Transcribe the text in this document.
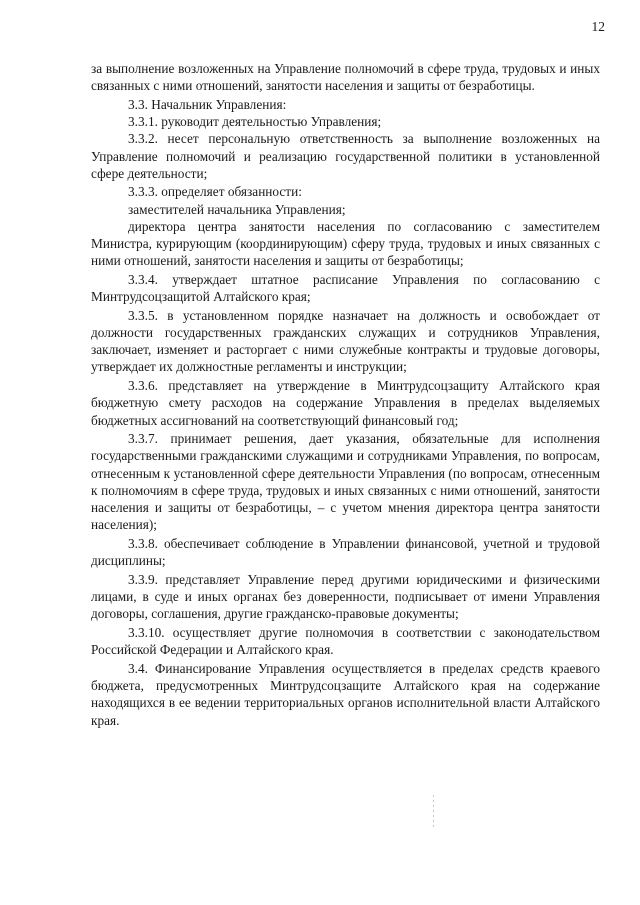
12

за выполнение возложенных на Управление полномочий в сфере труда, трудовых и иных связанных с ними отношений, занятости населения и защиты от безработицы.

3.3. Начальник Управления:

3.3.1. руководит деятельностью Управления;

3.3.2. несет персональную ответственность за выполнение возложенных на Управление полномочий и реализацию государственной политики в установленной сфере деятельности;

3.3.3. определяет обязанности:

заместителей начальника Управления;

директора центра занятости населения по согласованию с заместителем Министра, курирующим (координирующим) сферу труда, трудовых и иных связанных с ними отношений, занятости населения и защиты от безработицы;

3.3.4. утверждает штатное расписание Управления по согласованию с Минтрудсоцзащитой Алтайского края;

3.3.5. в установленном порядке назначает на должность и освобождает от должности государственных гражданских служащих и сотрудников Управления, заключает, изменяет и расторгает с ними служебные контракты и трудовые договоры, утверждает их должностные регламенты и инструкции;

3.3.6. представляет на утверждение в Минтрудсоцзащиту Алтайского края бюджетную смету расходов на содержание Управления в пределах выделяемых бюджетных ассигнований на соответствующий финансовый год;

3.3.7. принимает решения, дает указания, обязательные для исполнения государственными гражданскими служащими и сотрудниками Управления, по вопросам, отнесенным к установленной сфере деятельности Управления (по вопросам, отнесенным к полномочиям в сфере труда, трудовых и иных связанных с ними отношений, занятости населения и защиты от безработицы, – с учетом мнения директора центра занятости населения);

3.3.8. обеспечивает соблюдение в Управлении финансовой, учетной и трудовой дисциплины;

3.3.9. представляет Управление перед другими юридическими и физическими лицами, в суде и иных органах без доверенности, подписывает от имени Управления договоры, соглашения, другие гражданско-правовые документы;

3.3.10. осуществляет другие полномочия в соответствии с законодательством Российской Федерации и Алтайского края.

3.4. Финансирование Управления осуществляется в пределах средств краевого бюджета, предусмотренных Минтрудсоцзащите Алтайского края на содержание находящихся в ее ведении территориальных органов исполнительной власти Алтайского края.
